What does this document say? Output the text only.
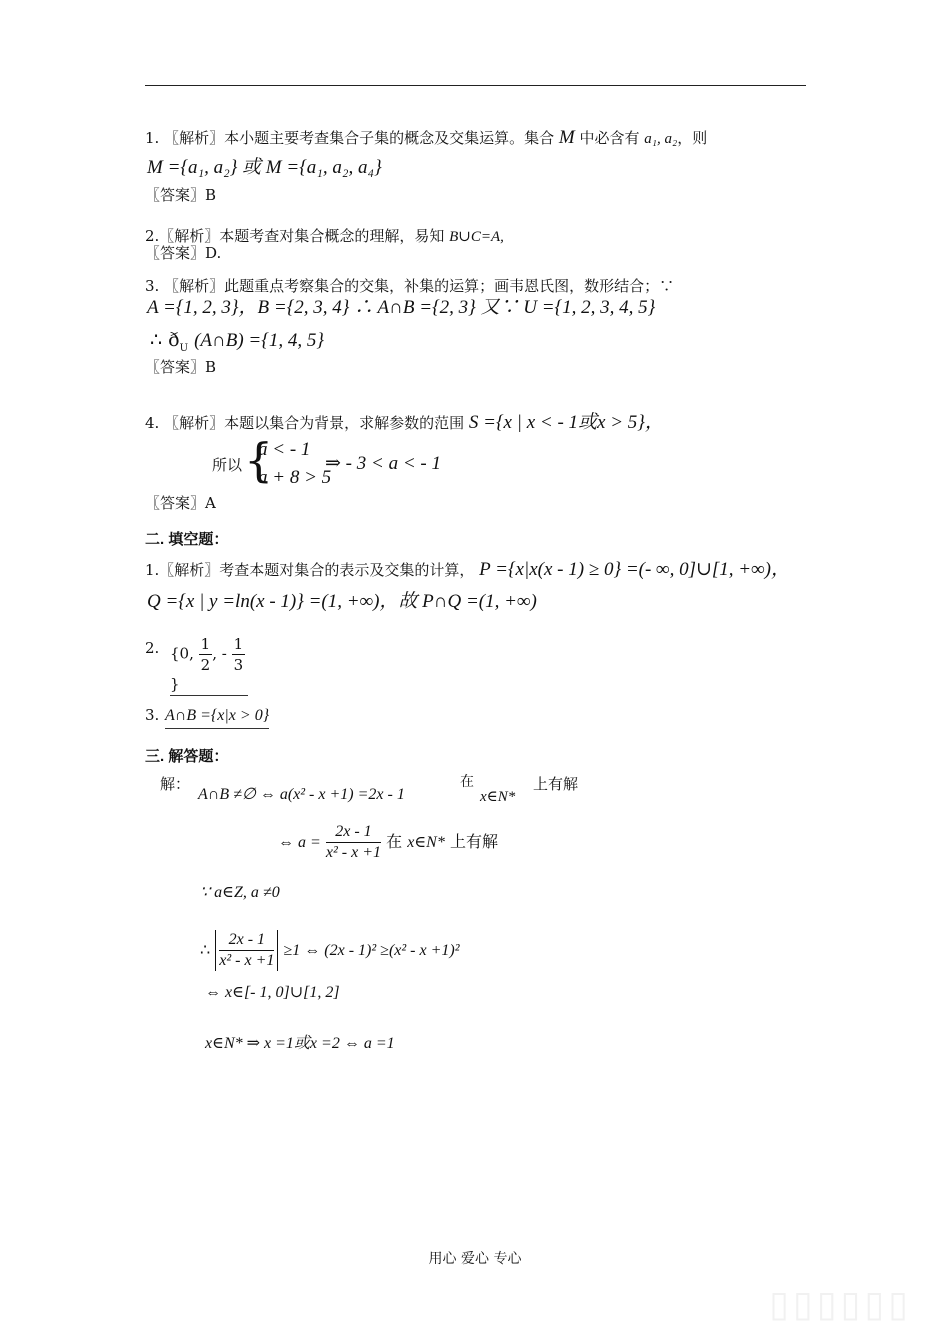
1. 〖解析〗本小题主要考查集合子集的概念及交集运算。集合 M 中必含有 a₁, a₂，则
M ={a₁, a₂} 或 M ={a₁, a₂, a₄}
〖答案〗B
2.〖解析〗本题考查对集合概念的理解，易知 B∪C=A,
〖答案〗D.
3. 〖解析〗此题重点考察集合的交集，补集的运算；画韦恩氏图，数形结合；∵
A ={1, 2, 3}，B ={2, 3, 4} ∴ A∩B ={2, 3} 又∵ U ={1, 2, 3, 4, 5}
∴ $ð_U$ (A∩B) ={1, 4, 5}
〖答案〗B
4. 〖解析〗本题以集合为背景，求解参数的范围 S ={x | x < - 1或x > 5}，
所以 {
a < - 1
a + 8 > 5
⇒ - 3 < a < - 1
〖答案〗A
二. 填空题：
1.〖解析〗考查本题对集合的表示及交集的计算， P ={x|x(x - 1) ≥ 0} =(- ∞, 0]∪[1, +∞)，
Q ={x | y =ln(x - 1)} =(1, +∞)，故 P∩Q =(1, +∞)
2. {0, $\frac{1}{2}$ , - $\frac{1}{3}$
}
3. A∩B ={x|x > 0}
三. 解答题：
解：
A∩B ≠∅ ⇔ a(x² - x +1) =2x - 1
在
x∈N*
上有解
⇔ $a = \frac{2x - 1}{\text{x² - x +1}}$ 在 x∈N* 上有解
∵ a∈Z, a ≠0
∴ $\frac{2x - 1}{\text{x² - x +1}} \ge 1$ ⇔ (2x - 1)² ≥(x² - x +1)²
⇔ x∈[- 1, 0]∪[1, 2]
x∈N* ⇒ x =1或x =2 ⇔ a =1
用心 爱心 专心
▯▯▯▯▯▯
